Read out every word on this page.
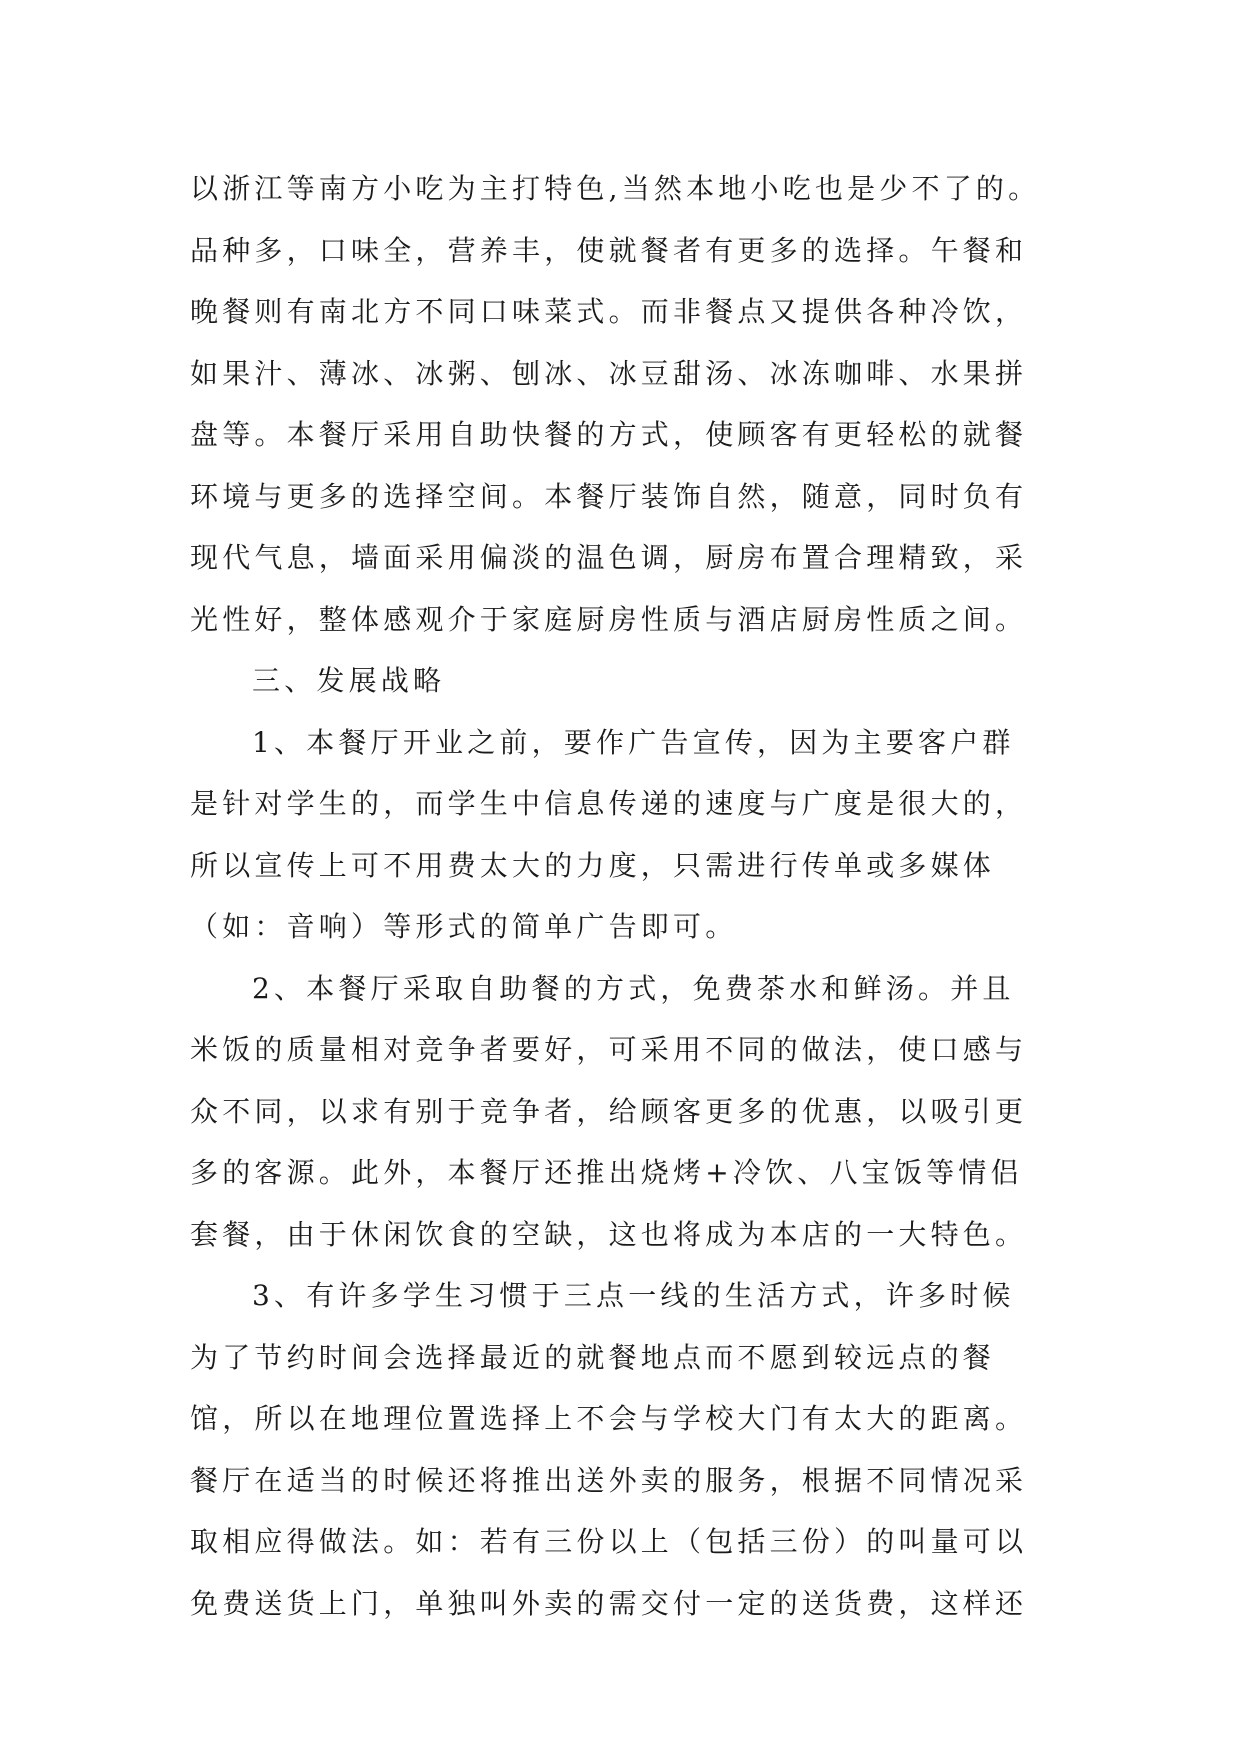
以浙江等南方小吃为主打特色,当然本地小吃也是少不了的。
品种多，口味全，营养丰，使就餐者有更多的选择。午餐和
晚餐则有南北方不同口味菜式。而非餐点又提供各种冷饮，
如果汁、薄冰、冰粥、刨冰、冰豆甜汤、冰冻咖啡、水果拼
盘等。本餐厅采用自助快餐的方式，使顾客有更轻松的就餐
环境与更多的选择空间。本餐厅装饰自然，随意，同时负有
现代气息，墙面采用偏淡的温色调，厨房布置合理精致，采
光性好，整体感观介于家庭厨房性质与酒店厨房性质之间。
三、发展战略
1、本餐厅开业之前，要作广告宣传，因为主要客户群
是针对学生的，而学生中信息传递的速度与广度是很大的，
所以宣传上可不用费太大的力度，只需进行传单或多媒体
（如：音响）等形式的简单广告即可。
2、本餐厅采取自助餐的方式，免费茶水和鲜汤。并且
米饭的质量相对竞争者要好，可采用不同的做法，使口感与
众不同，以求有别于竞争者，给顾客更多的优惠，以吸引更
多的客源。此外，本餐厅还推出烧烤+冷饮、八宝饭等情侣
套餐，由于休闲饮食的空缺，这也将成为本店的一大特色。
3、有许多学生习惯于三点一线的生活方式，许多时候
为了节约时间会选择最近的就餐地点而不愿到较远点的餐
馆，所以在地理位置选择上不会与学校大门有太大的距离。
餐厅在适当的时候还将推出送外卖的服务，根据不同情况采
取相应得做法。如：若有三份以上（包括三份）的叫量可以
免费送货上门，单独叫外卖的需交付一定的送货费，这样还
